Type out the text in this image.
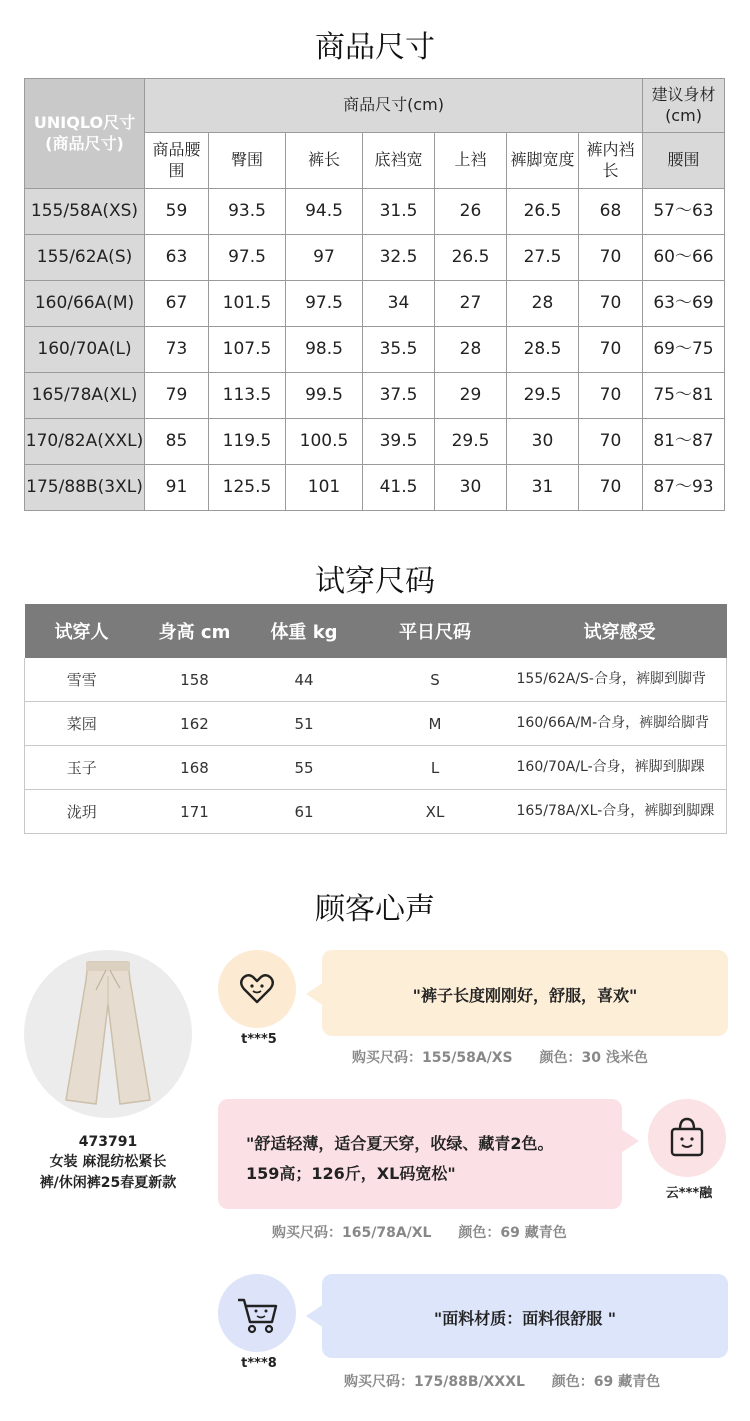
商品尺寸
UNIQLO尺寸
(商品尺寸)	商品尺寸(cm)							建议身材(cm)
	商品腰围	臀围	裤长	底裆宽	上裆	裤脚宽度	裤内裆长	腰围
155/58A(XS)	59	93.5	94.5	31.5	26	26.5	68	57～63
155/62A(S)	63	97.5	97	32.5	26.5	27.5	70	60～66
160/66A(M)	67	101.5	97.5	34	27	28	70	63～69
160/70A(L)	73	107.5	98.5	35.5	28	28.5	70	69～75
165/78A(XL)	79	113.5	99.5	37.5	29	29.5	70	75～81
170/82A(XXL)	85	119.5	100.5	39.5	29.5	30	70	81～87
175/88B(3XL)	91	125.5	101	41.5	30	31	70	87～93
试穿尺码
试穿人	身高 cm	体重 kg	平日尺码	试穿感受
雪雪	158	44	S	155/62A/S-合身，裤脚到脚背
菜园	162	51	M	160/66A/M-合身，裤脚给脚背
玉子	168	55	L	160/70A/L-合身，裤脚到脚踝
泷玥	171	61	XL	165/78A/XL-合身，裤脚到脚踝
顾客心声
473791
女装 麻混纺松紧长
裤/休闲裤25春夏新款
t***5
"裤子长度刚刚好，舒服，喜欢"
购买尺码：155/58A/XS 颜色：30 浅米色
"舒适轻薄，适合夏天穿，收绿、藏青2色。
159高；126斤，XL码宽松"
云***融
购买尺码：165/78A/XL 颜色：69 藏青色
t***8
"面料材质：面料很舒服 "
购买尺码：175/88B/XXXL 颜色：69 藏青色
